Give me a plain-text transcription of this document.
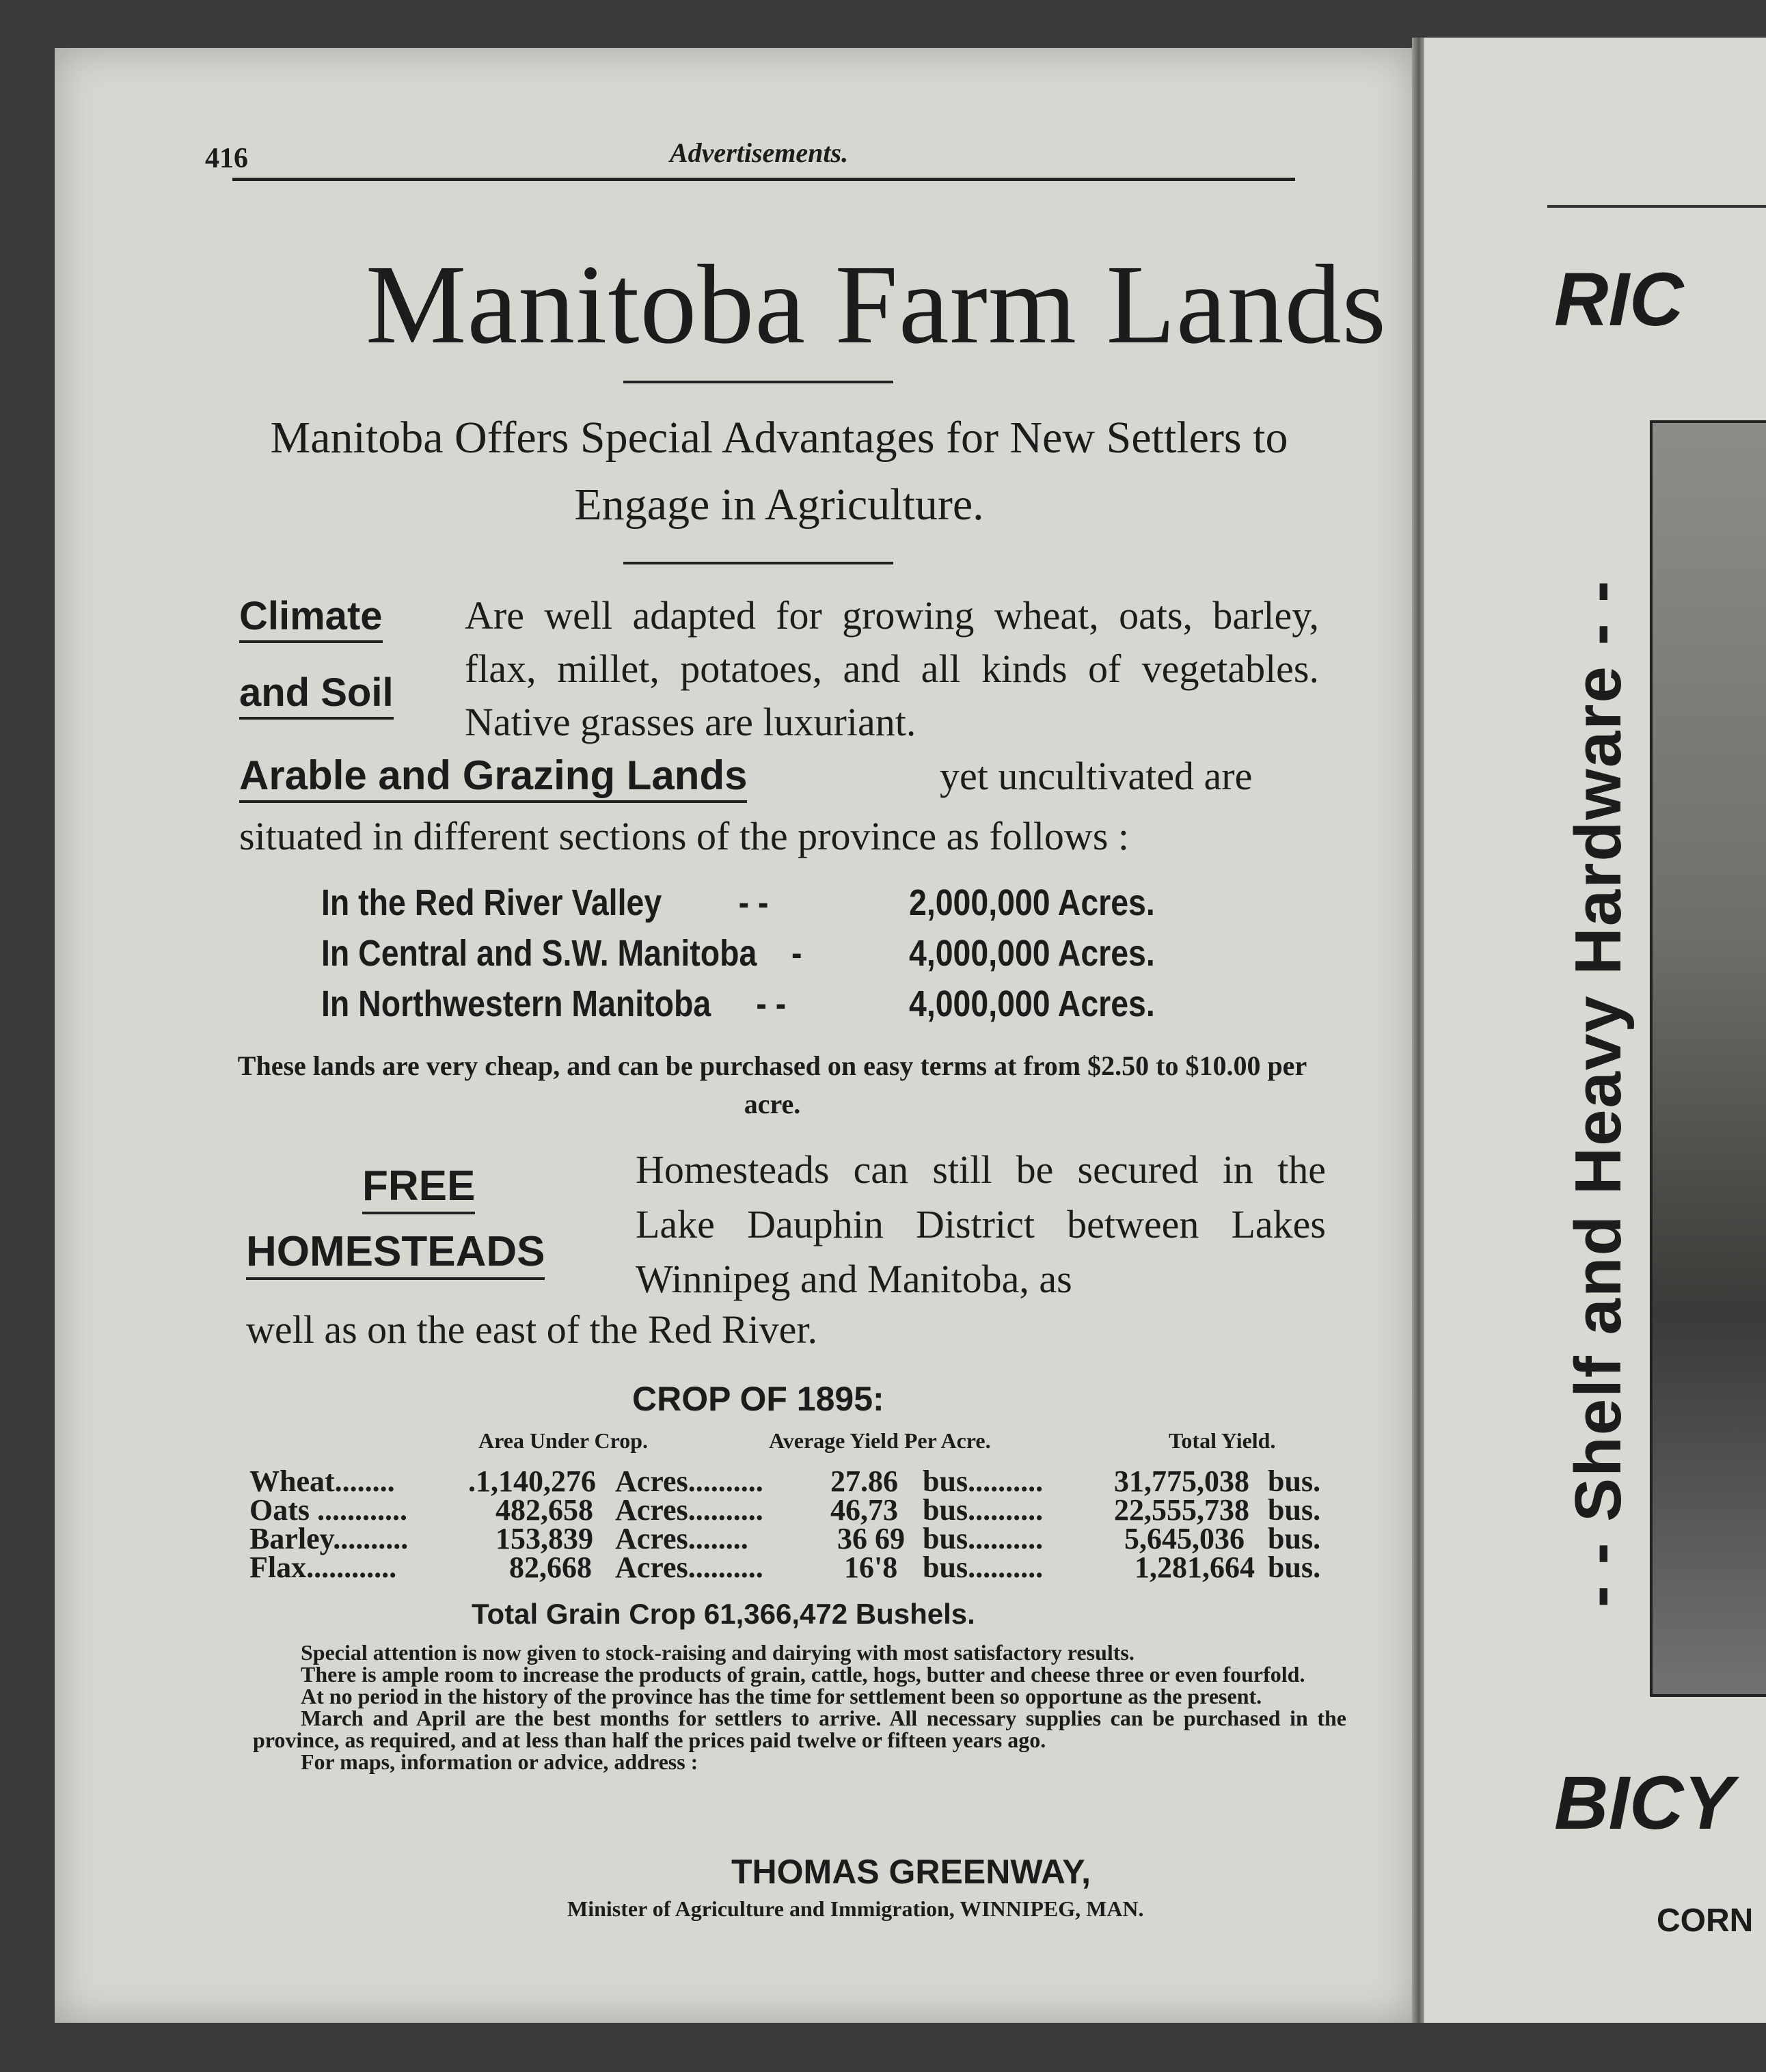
416	Advertisements.
Manitoba Farm Lands
Manitoba Offers Special Advantages for New Settlers to Engage in Agriculture.
Climate
and Soil
Are well adapted for growing wheat, oats, barley, flax, millet, potatoes, and all kinds of vegetables. Native grasses are luxuriant.
Arable and Grazing Lands	yet uncultivated are
situated in different sections of the province as follows :
In the Red River Valley - -	2,000,000 Acres.
In Central and S.W. Manitoba -	4,000,000 Acres.
In Northwestern Manitoba - -	4,000,000 Acres.
These lands are very cheap, and can be purchased on easy terms at from $2.50 to $10.00 per acre.
FREE
HOMESTEADS
Homesteads can still be secured in the Lake Dauphin District between Lakes Winnipeg and Manitoba, as
well as on the east of the Red River.
CROP OF 1895:
Area Under Crop.	Average Yield Per Acre.	Total Yield.
Wheat........ .1,140,276 Acres.......... 27.86 bus.......... 31,775,038 bus.
Oats ............	482,658 Acres.......... 46,73 bus.......... 22,555,738 bus.
Barley..........	153,839 Acres........	36 69 bus..........	5,645,036 bus.
Flax............	82,668 Acres..........	16'8 bus..........	1,281,664 bus.
Total Grain Crop 61,366,472 Bushels.

Special attention is now given to stock-raising and dairying with most satisfactory results.

There is ample room to increase the products of grain, cattle, hogs, butter and cheese three or even fourfold.

At no period in the history of the province has the time for settlement been so opportune as the present.

March and April are the best months for settlers to arrive. All necessary supplies can be purchased in the province, as required, and at less than half the prices paid twelve or fifteen years ago.

For maps, information or advice, address :

THOMAS GREENWAY,
Minister of Agriculture and Immigration, WINNIPEG, MAN.
RIC
- - Shelf and Heavy Hardware - -
BICY
CORN
